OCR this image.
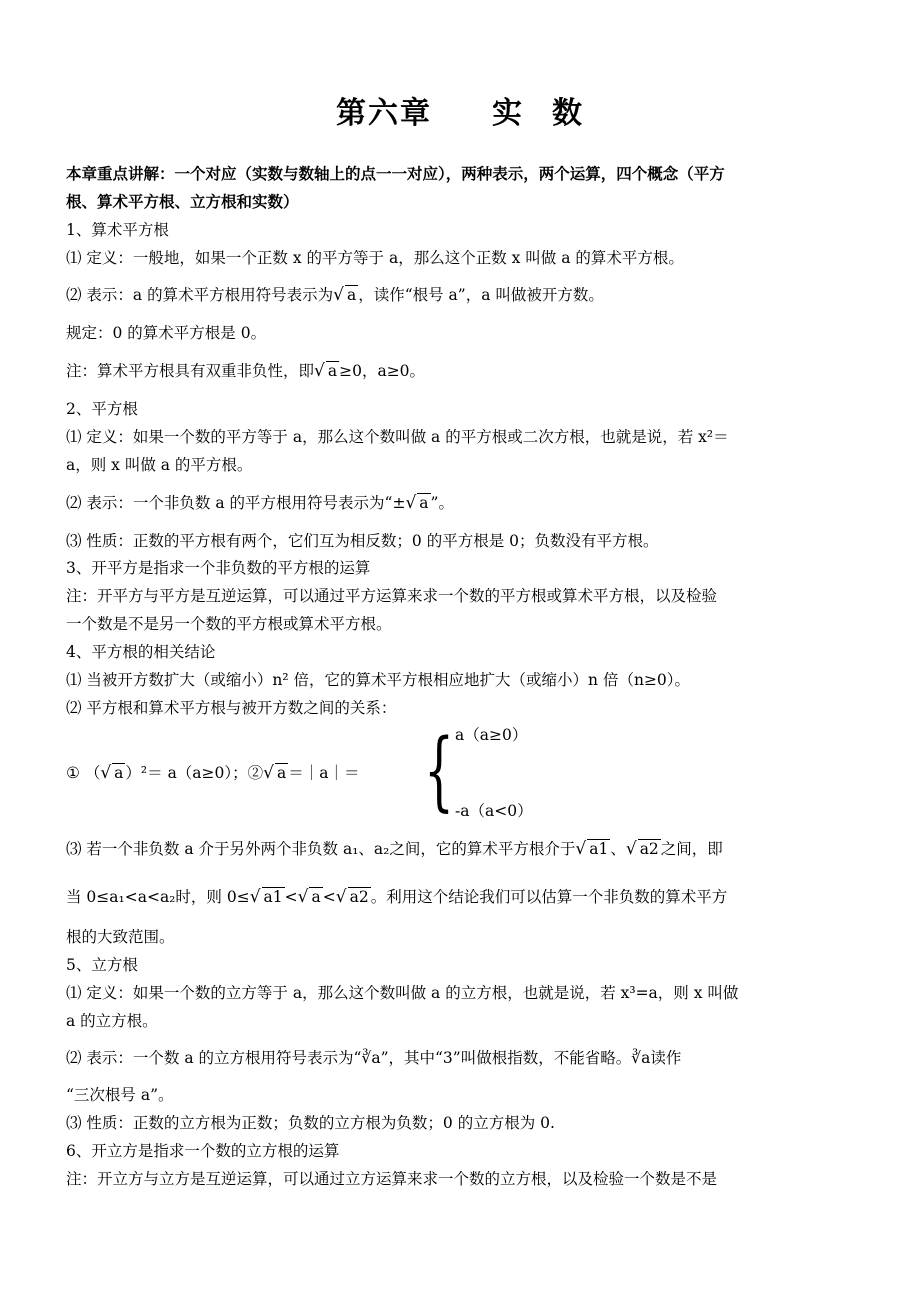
第六章 实 数
本章重点讲解：一个对应（实数与数轴上的点一一对应），两种表示，两个运算，四个概念（平方
根、算术平方根、立方根和实数）
1、算术平方根
⑴ 定义：一般地，如果一个正数 x 的平方等于 a，那么这个正数 x 叫做 a 的算术平方根。
⑵ 表示：a 的算术平方根用符号表示为√ a ，读作“根号 a”，a 叫做被开方数。
规定：0 的算术平方根是 0。
注：算术平方根具有双重非负性，即√ a ≥0，a≥0。
2、平方根
⑴ 定义：如果一个数的平方等于 a，那么这个数叫做 a 的平方根或二次方根，也就是说，若 x²＝
a，则 x 叫做 a 的平方根。
⑵ 表示：一个非负数 a 的平方根用符号表示为“±√ a ”。
⑶ 性质：正数的平方根有两个，它们互为相反数；0 的平方根是 0；负数没有平方根。
3、开平方是指求一个非负数的平方根的运算
注：开平方与平方是互逆运算，可以通过平方运算来求一个数的平方根或算术平方根，以及检验
一个数是不是另一个数的平方根或算术平方根。
4、平方根的相关结论
⑴ 当被开方数扩大（或缩小）n² 倍，它的算术平方根相应地扩大（或缩小）n 倍（n≥0）。
⑵ 平方根和算术平方根与被开方数之间的关系：
a（a≥0）
-a（a<0）
{
① （√ a ）²＝ a（a≥0）；②√ a ＝｜a｜＝
⑶ 若一个非负数 a 介于另外两个非负数 a₁、a₂之间，它的算术平方根介于√ a1 、√ a2 之间，即
当 0≤a₁<a<a₂时，则 0≤√ a1 <√ a <√ a2 。利用这个结论我们可以估算一个非负数的算术平方
根的大致范围。
5、立方根
⑴ 定义：如果一个数的立方等于 a，那么这个数叫做 a 的立方根，也就是说，若 x³=a，则 x 叫做
a 的立方根。
⑵ 表示：一个数 a 的立方根用符号表示为“∛a”，其中“3”叫做根指数，不能省略。∛a读作
“三次根号 a”。
⑶ 性质：正数的立方根为正数；负数的立方根为负数；0 的立方根为 0.
6、开立方是指求一个数的立方根的运算
注：开立方与立方是互逆运算，可以通过立方运算来求一个数的立方根，以及检验一个数是不是
